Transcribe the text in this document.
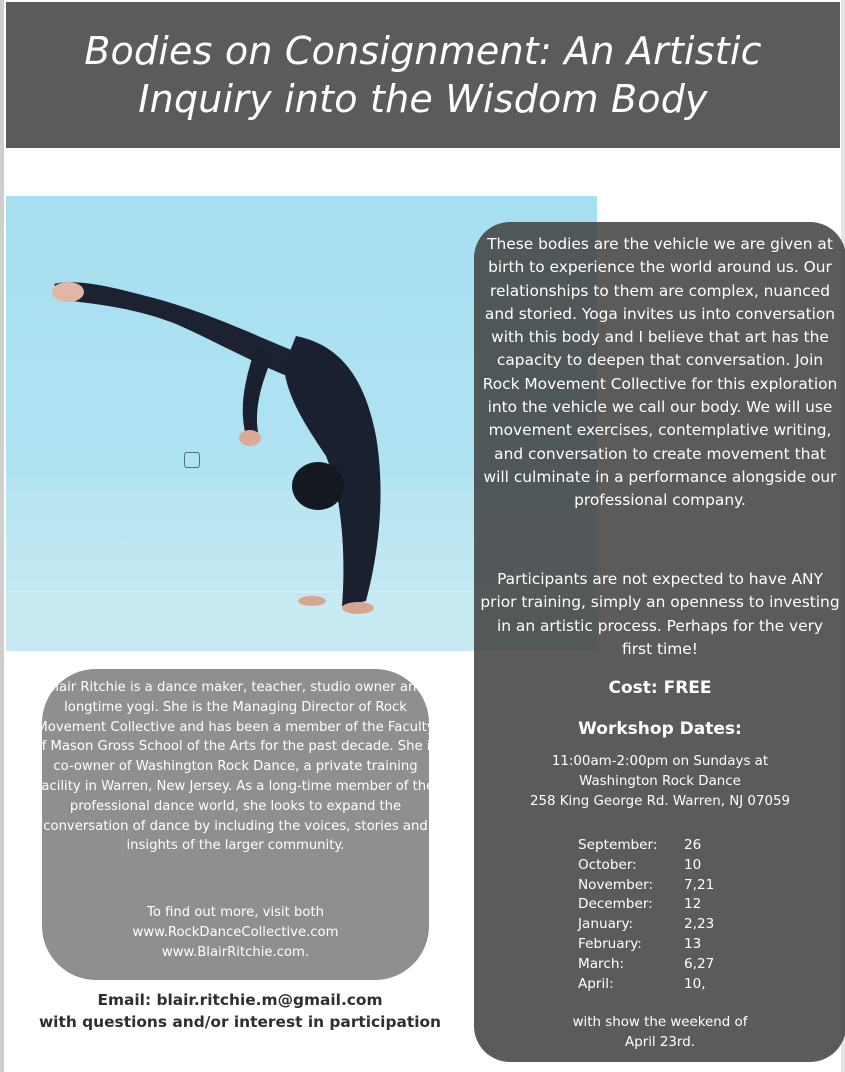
Bodies on Consignment: An Artistic
Inquiry into the Wisdom Body

These bodies are the vehicle we are given at birth to experience the world around us. Our relationships to them are complex, nuanced and storied. Yoga invites us into conversation with this body and I believe that art has the capacity to deepen that conversation. Join Rock Movement Collective for this exploration into the vehicle we call our body. We will use movement exercises, contemplative writing, and conversation to create movement that will culminate in a performance alongside our professional company.

Participants are not expected to have ANY prior training, simply an openness to investing in an artistic process. Perhaps for the very first time!

Cost: FREE
Workshop Dates:
11:00am-2:00pm on Sundays at
Washington Rock Dance
258 King George Rd. Warren, NJ 07059
September:	26
October:	10
November:	7,21
December:	12
January:	2,23
February:	13
March:	6,27
April:	10,
with show the weekend of
April 23rd.

Blair Ritchie is a dance maker, teacher, studio owner and longtime yogi. She is the Managing Director of Rock Movement Collective and has been a member of the Faculty of Mason Gross School of the Arts for the past decade. She is co-owner of Washington Rock Dance, a private training facility in Warren, New Jersey. As a long-time member of the professional dance world, she looks to expand the conversation of dance by including the voices, stories and insights of the larger community.

To find out more, visit both
www.RockDanceCollective.com
www.BlairRitchie.com.
Email: blair.ritchie.m@gmail.com
with questions and/or interest in participation
